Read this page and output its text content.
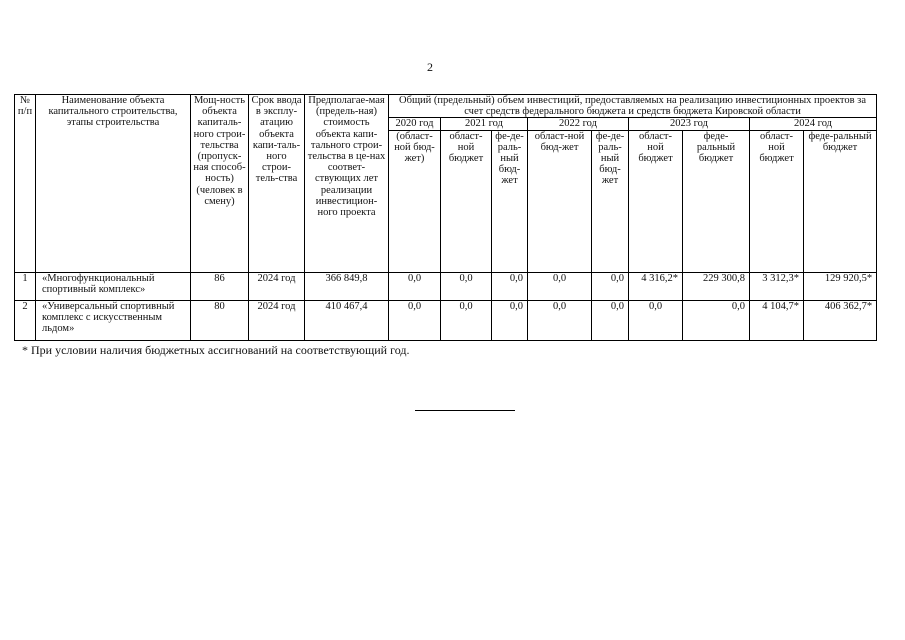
2
№ п/п	Наименование объекта капитального строительства, этапы строительства	Мощ-ность объекта капиталь-ного строи-тельства (пропуск-ная способ-ность) (человек в смену)	Срок ввода в эксплу-атацию объекта капи-таль-ного строи-тель-ства	Предполагае-мая (предель-ная) стоимость объекта капи-тального строи-тельства в це-нах соответ-ствующих лет реализации инвестицион-ного проекта	Общий (предельный) объем инвестиций, предоставляемых на реализацию инвестиционных проектов за счет средств федерального бюджета и средств бюджета Кировской области								
					2020 год	2021 год		2022 год		2023 год		2024 год	
					(област-ной бюд-жет)	област-ной бюджет	фе-де-раль-ный бюд-жет	област-ной бюд-жет	фе-де-раль-ный бюд-жет	област-ной бюджет	феде-ральный бюджет	област-ной бюджет	феде-ральный бюджет
1	«Многофункциональный спортивный комплекс»	86	2024 год	366 849,8	0,0	0,0	0,0	0,0	0,0	4 316,2*	229 300,8	3 312,3*	129 920,5*
2	«Универсальный спортивный комплекс с искусственным льдом»	80	2024 год	410 467,4	0,0	0,0	0,0	0,0	0,0	0,0	0,0	4 104,7*	406 362,7*
* При условии наличия бюджетных ассигнований на соответствующий год.
